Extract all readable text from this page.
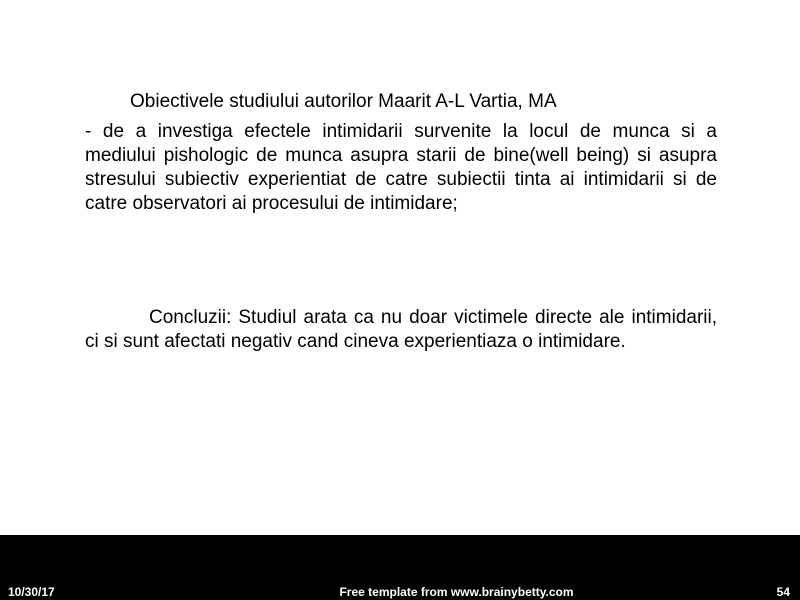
Obiectivele studiului autorilor Maarit A-L Vartia, MA
- de a investiga efectele intimidarii survenite la locul de munca si a mediului pishologic de munca asupra starii de bine(well being) si asupra stresului subiectiv experientiat de catre subiectii tinta ai intimidarii si de catre observatori ai procesului de intimidare;
Concluzii: Studiul arata ca nu doar victimele directe ale intimidarii, ci si sunt afectati negativ cand cineva experientiaza o intimidare.
10/30/17	Free template from www.brainybetty.com	54
